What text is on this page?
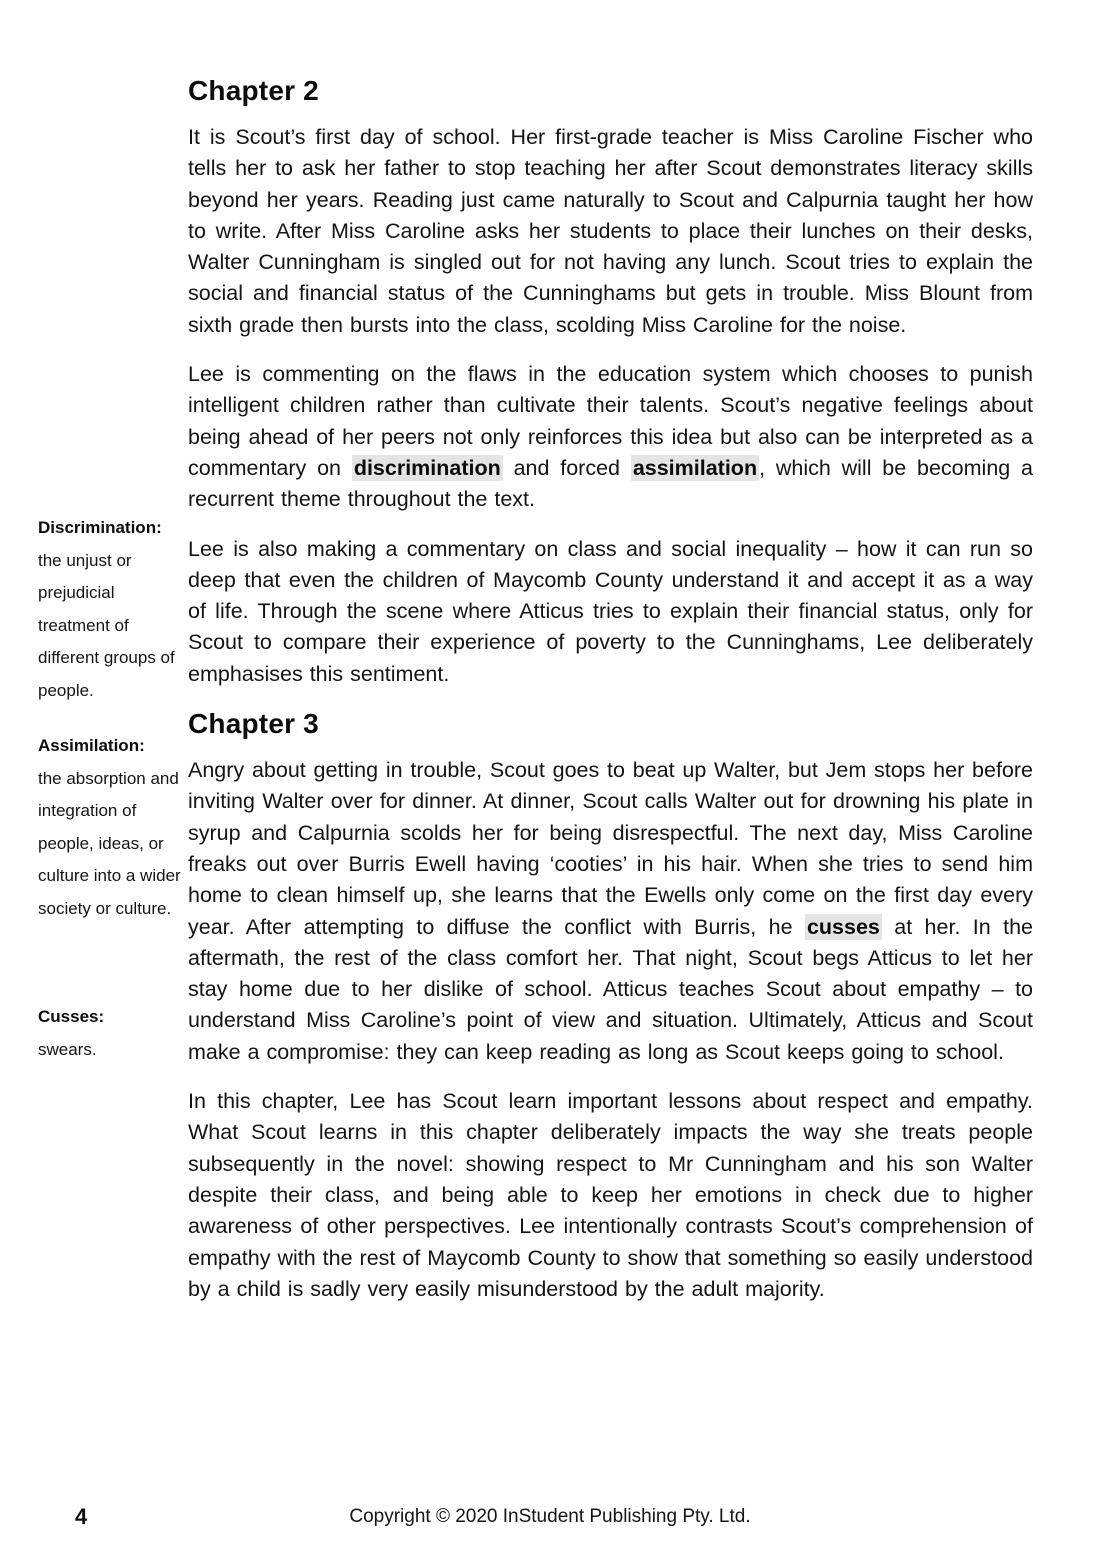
Discrimination:
the unjust or prejudicial treatment of different groups of people.
Assimilation:
the absorption and integration of people, ideas, or culture into a wider society or culture.
Cusses:
swears.
Chapter 2

It is Scout’s first day of school. Her first-grade teacher is Miss Caroline Fischer who tells her to ask her father to stop teaching her after Scout demonstrates literacy skills beyond her years. Reading just came naturally to Scout and Calpurnia taught her how to write. After Miss Caroline asks her students to place their lunches on their desks, Walter Cunningham is singled out for not having any lunch. Scout tries to explain the social and financial status of the Cunninghams but gets in trouble. Miss Blount from sixth grade then bursts into the class, scolding Miss Caroline for the noise.

Lee is commenting on the flaws in the education system which chooses to punish intelligent children rather than cultivate their talents. Scout’s negative feelings about being ahead of her peers not only reinforces this idea but also can be interpreted as a commentary on discrimination and forced assimilation, which will be becoming a recurrent theme throughout the text.

Lee is also making a commentary on class and social inequality – how it can run so deep that even the children of Maycomb County understand it and accept it as a way of life. Through the scene where Atticus tries to explain their financial status, only for Scout to compare their experience of poverty to the Cunninghams, Lee deliberately emphasises this sentiment.

Chapter 3

Angry about getting in trouble, Scout goes to beat up Walter, but Jem stops her before inviting Walter over for dinner. At dinner, Scout calls Walter out for drowning his plate in syrup and Calpurnia scolds her for being disrespectful. The next day, Miss Caroline freaks out over Burris Ewell having ‘cooties’ in his hair. When she tries to send him home to clean himself up, she learns that the Ewells only come on the first day every year. After attempting to diffuse the conflict with Burris, he cusses at her. In the aftermath, the rest of the class comfort her. That night, Scout begs Atticus to let her stay home due to her dislike of school. Atticus teaches Scout about empathy – to understand Miss Caroline’s point of view and situation. Ultimately, Atticus and Scout make a compromise: they can keep reading as long as Scout keeps going to school.

In this chapter, Lee has Scout learn important lessons about respect and empathy. What Scout learns in this chapter deliberately impacts the way she treats people subsequently in the novel: showing respect to Mr Cunningham and his son Walter despite their class, and being able to keep her emotions in check due to higher awareness of other perspectives. Lee intentionally contrasts Scout’s comprehension of empathy with the rest of Maycomb County to show that something so easily understood by a child is sadly very easily misunderstood by the adult majority.

4	Copyright © 2020 InStudent Publishing Pty. Ltd.
